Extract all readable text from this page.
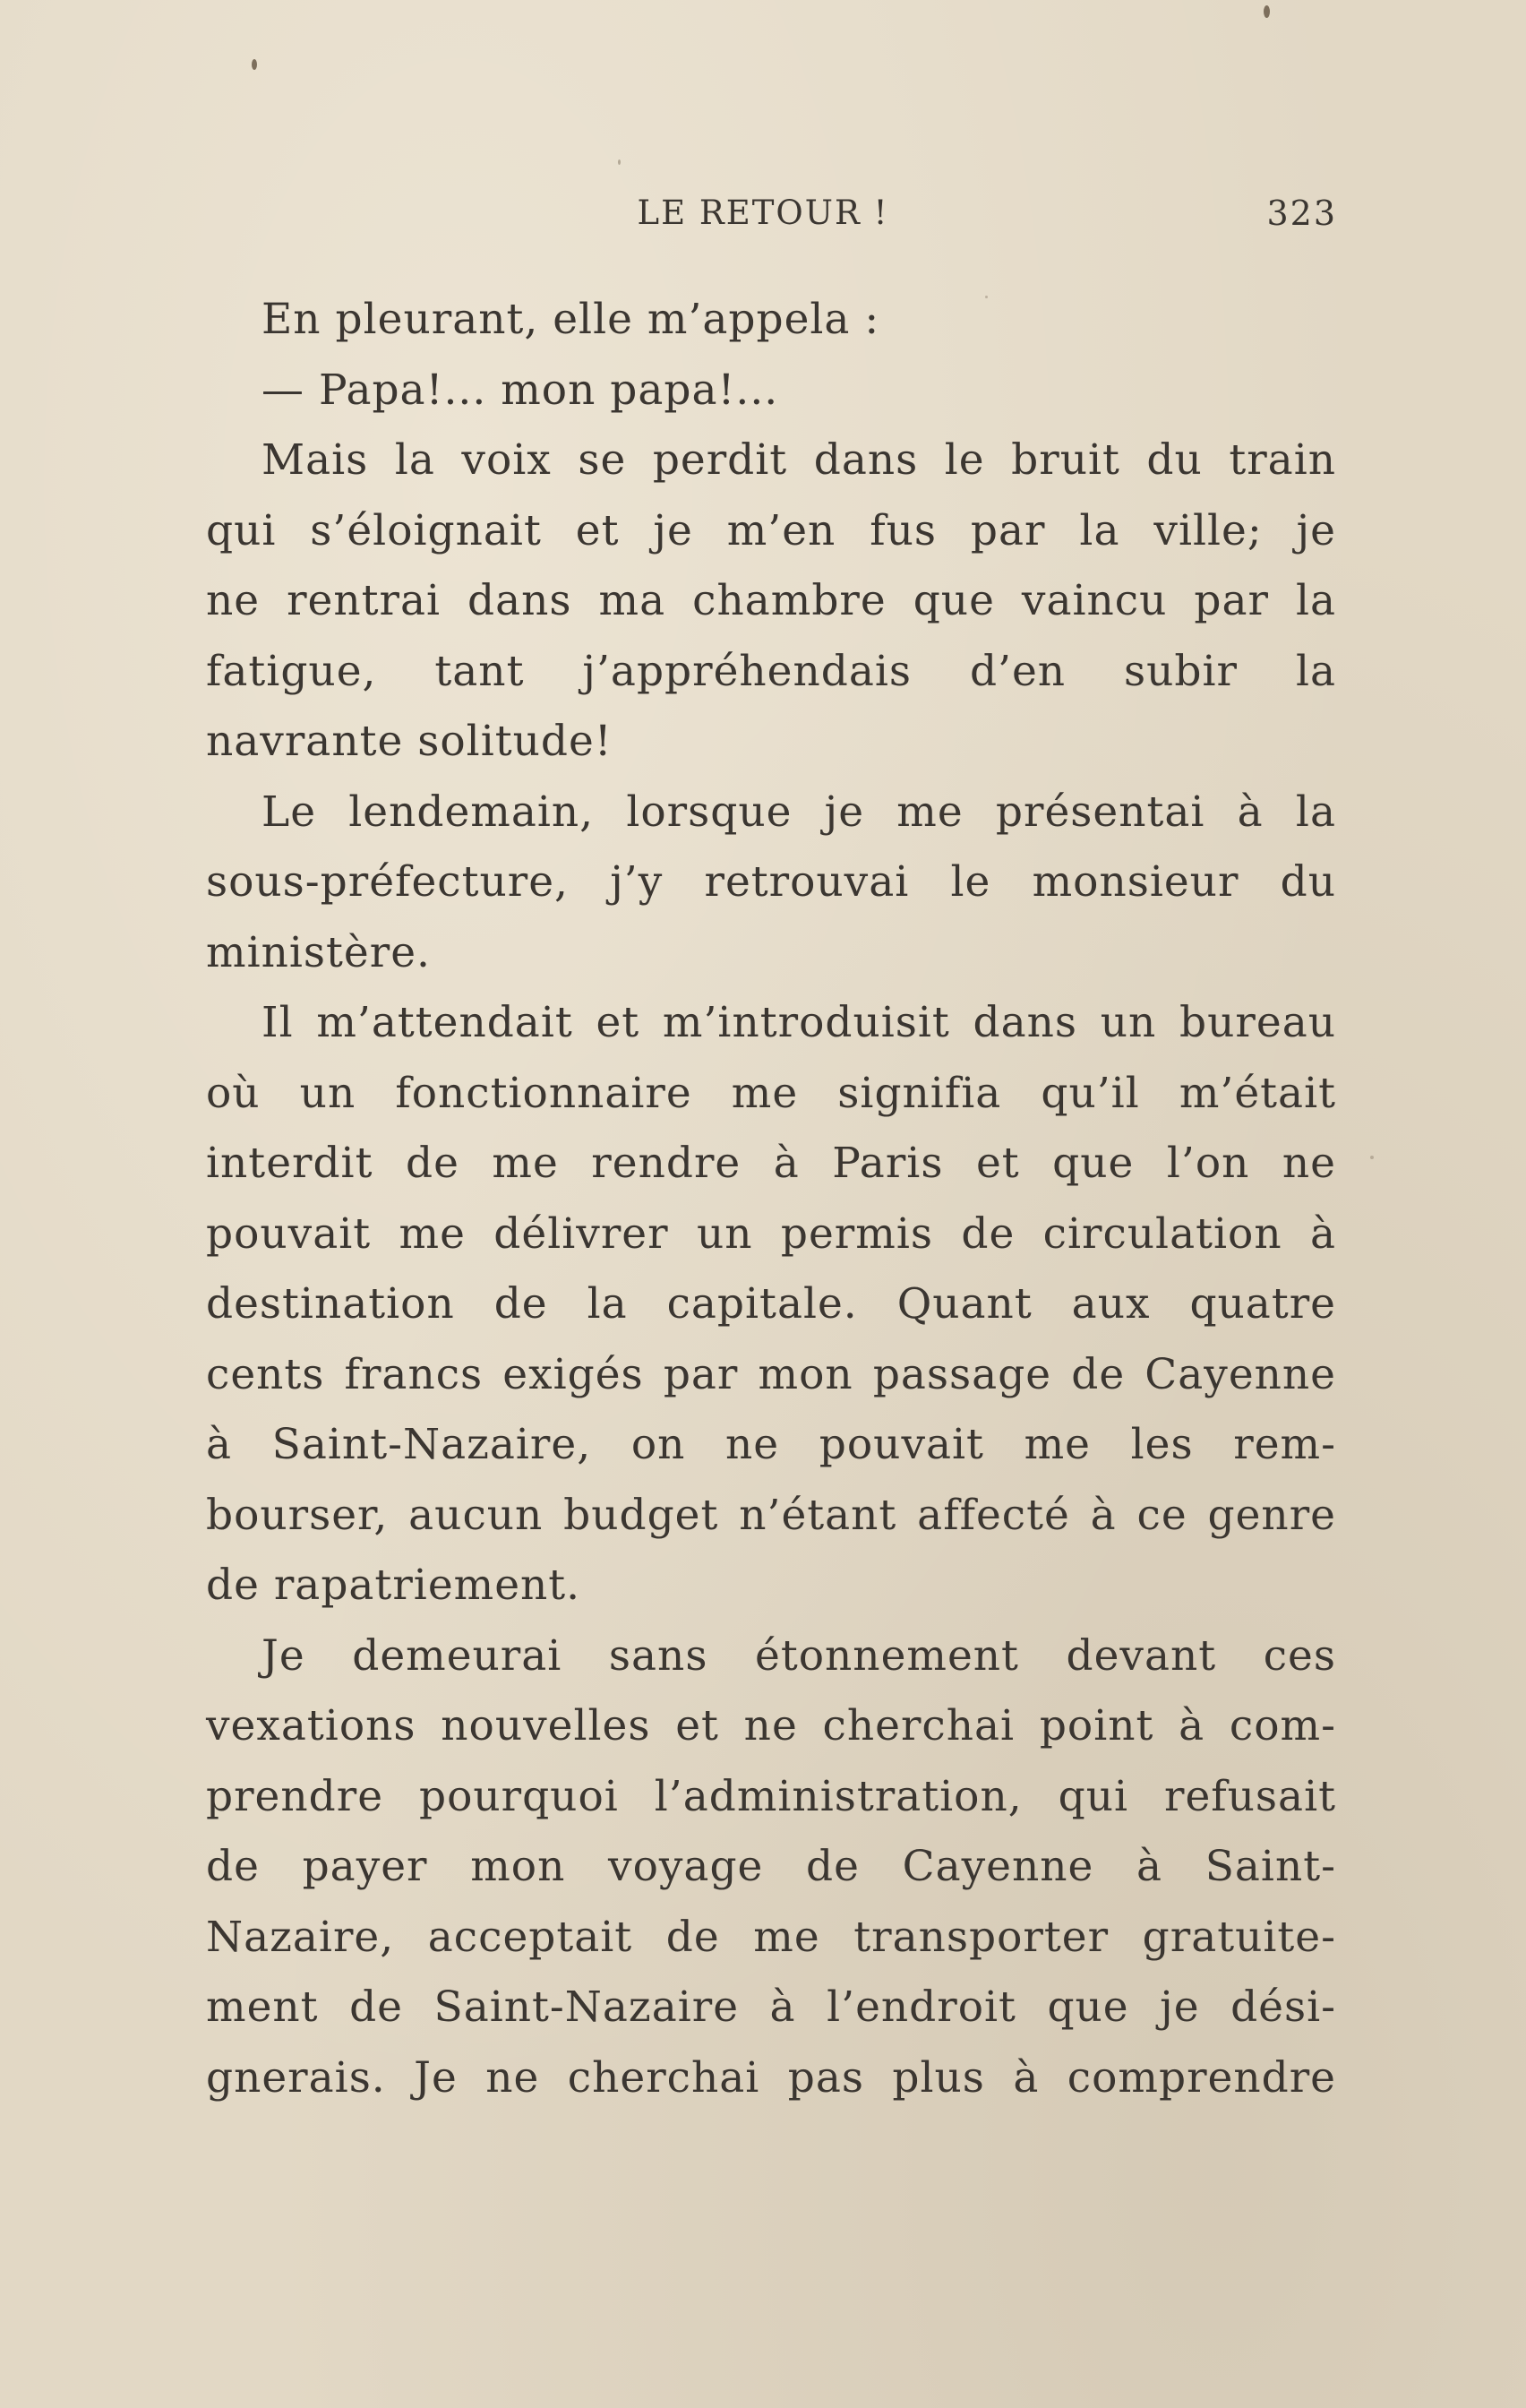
LE RETOUR !	323
En pleurant, elle m’appela :
— Papa!... mon papa!...
Mais la voix se perdit dans le bruit du train
qui s’éloignait et je m’en fus par la ville; je
ne rentrai dans ma chambre que vaincu par la
fatigue, tant j’appréhendais d’en subir la
navrante solitude!
Le lendemain, lorsque je me présentai à la
sous-préfecture, j’y retrouvai le monsieur du
ministère.
Il m’attendait et m’introduisit dans un bureau
où un fonctionnaire me signifia qu’il m’était
interdit de me rendre à Paris et que l’on ne
pouvait me délivrer un permis de circulation à
destination de la capitale. Quant aux quatre
cents francs exigés par mon passage de Cayenne
à Saint-Nazaire, on ne pouvait me les rem-
bourser, aucun budget n’étant affecté à ce genre
de rapatriement.
Je demeurai sans étonnement devant ces
vexations nouvelles et ne cherchai point à com-
prendre pourquoi l’administration, qui refusait
de payer mon voyage de Cayenne à Saint-
Nazaire, acceptait de me transporter gratuite-
ment de Saint-Nazaire à l’endroit que je dési-
gnerais. Je ne cherchai pas plus à comprendre
